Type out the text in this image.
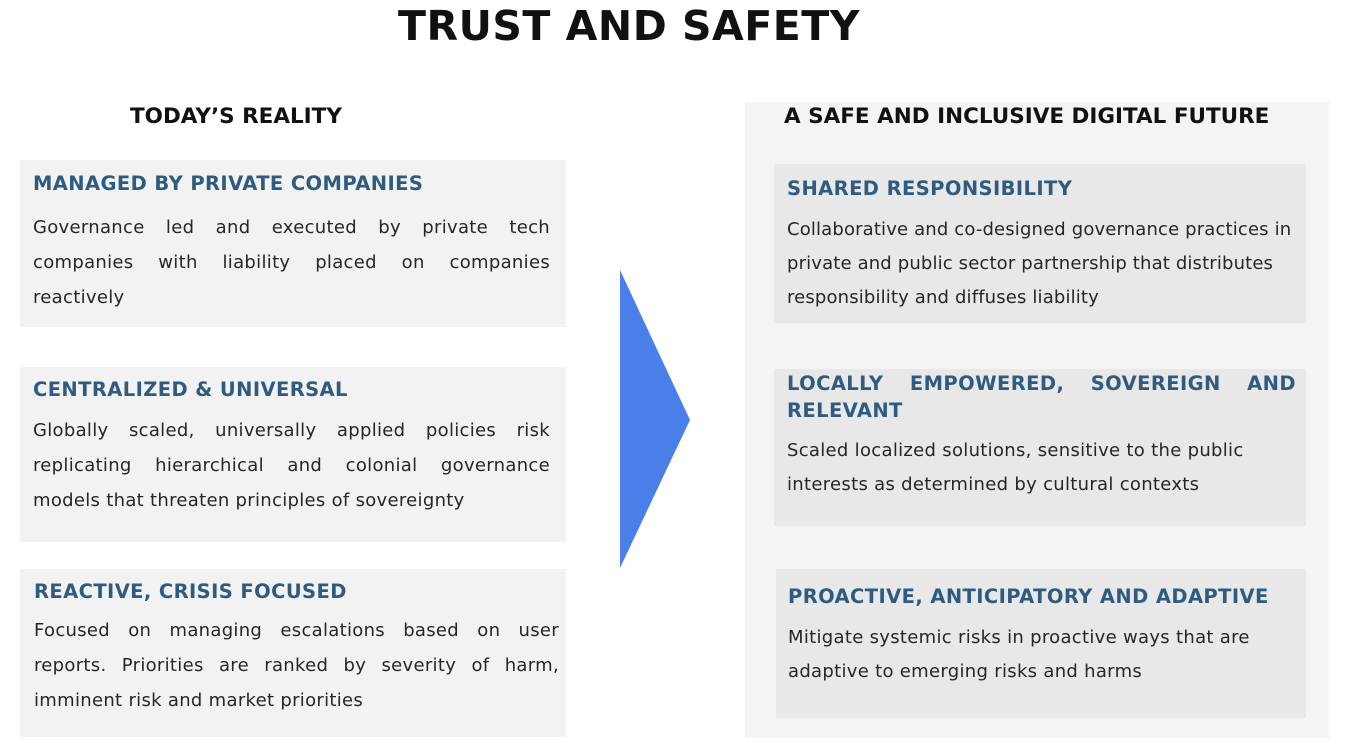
TRUST AND SAFETY
TODAY’S REALITY
MANAGED BY PRIVATE COMPANIES
Governance led and executed by private tech companies with liability placed on companies reactively
CENTRALIZED & UNIVERSAL
Globally scaled, universally applied policies risk replicating hierarchical and colonial governance models that threaten principles of sovereignty
REACTIVE, CRISIS FOCUSED
Focused on managing escalations based on user reports. Priorities are ranked by severity of harm, imminent risk and market priorities
A SAFE AND INCLUSIVE DIGITAL FUTURE
SHARED RESPONSIBILITY
Collaborative and co-designed governance practices in private and public sector partnership that distributes responsibility and diffuses liability
LOCALLY EMPOWERED, SOVEREIGN AND RELEVANT
Scaled localized solutions, sensitive to the public interests as determined by cultural contexts
PROACTIVE, ANTICIPATORY AND ADAPTIVE
Mitigate systemic risks in proactive ways that are adaptive to emerging risks and harms
